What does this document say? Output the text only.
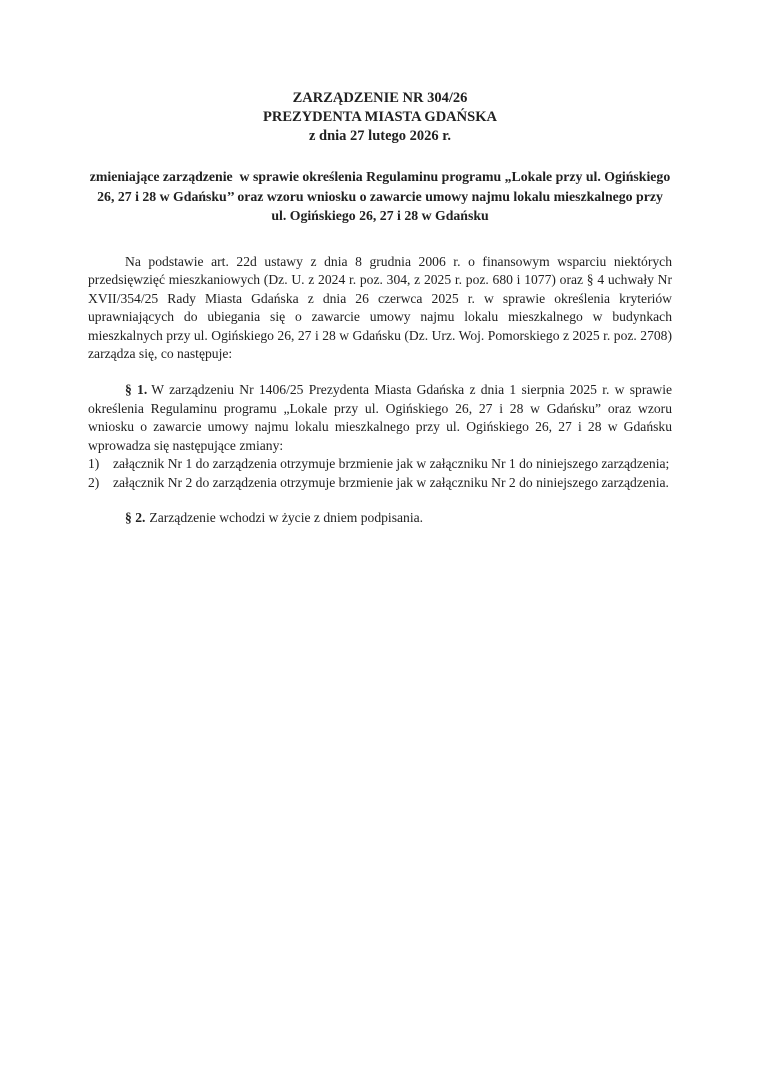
ZARZĄDZENIE NR 304/26
PREZYDENTA MIASTA GDAŃSKA
z dnia 27 lutego 2026 r.

zmieniające zarządzenie  w sprawie określenia Regulaminu programu „Lokale przy ul. Ogińskiego 26, 27 i 28 w Gdańsku’’ oraz wzoru wniosku o zawarcie umowy najmu lokalu mieszkalnego przy ul. Ogińskiego 26, 27 i 28 w Gdańsku

Na podstawie art. 22d ustawy z dnia 8 grudnia 2006 r. o finansowym wsparciu niektórych przedsięwzięć mieszkaniowych (Dz. U. z 2024 r. poz. 304, z 2025 r. poz. 680 i 1077) oraz § 4 uchwały Nr XVII/354/25 Rady Miasta Gdańska z dnia 26 czerwca 2025 r. w sprawie określenia kryteriów uprawniających do ubiegania się o zawarcie umowy najmu lokalu mieszkalnego w budynkach mieszkalnych przy ul. Ogińskiego 26, 27 i 28 w Gdańsku (Dz. Urz. Woj. Pomorskiego z 2025 r. poz. 2708) zarządza się, co następuje:

§ 1. W zarządzeniu Nr 1406/25 Prezydenta Miasta Gdańska z dnia 1 sierpnia 2025 r. w sprawie określenia Regulaminu programu „Lokale przy ul. Ogińskiego 26, 27 i 28 w Gdańsku” oraz wzoru wniosku o zawarcie umowy najmu lokalu mieszkalnego przy ul. Ogińskiego 26, 27 i 28 w Gdańsku wprowadza się następujące zmiany:

1)	załącznik Nr 1 do zarządzenia otrzymuje brzmienie jak w załączniku Nr 1 do niniejszego zarządzenia;
2)	załącznik Nr 2 do zarządzenia otrzymuje brzmienie jak w załączniku Nr 2 do niniejszego zarządzenia.

§ 2. Zarządzenie wchodzi w życie z dniem podpisania.
